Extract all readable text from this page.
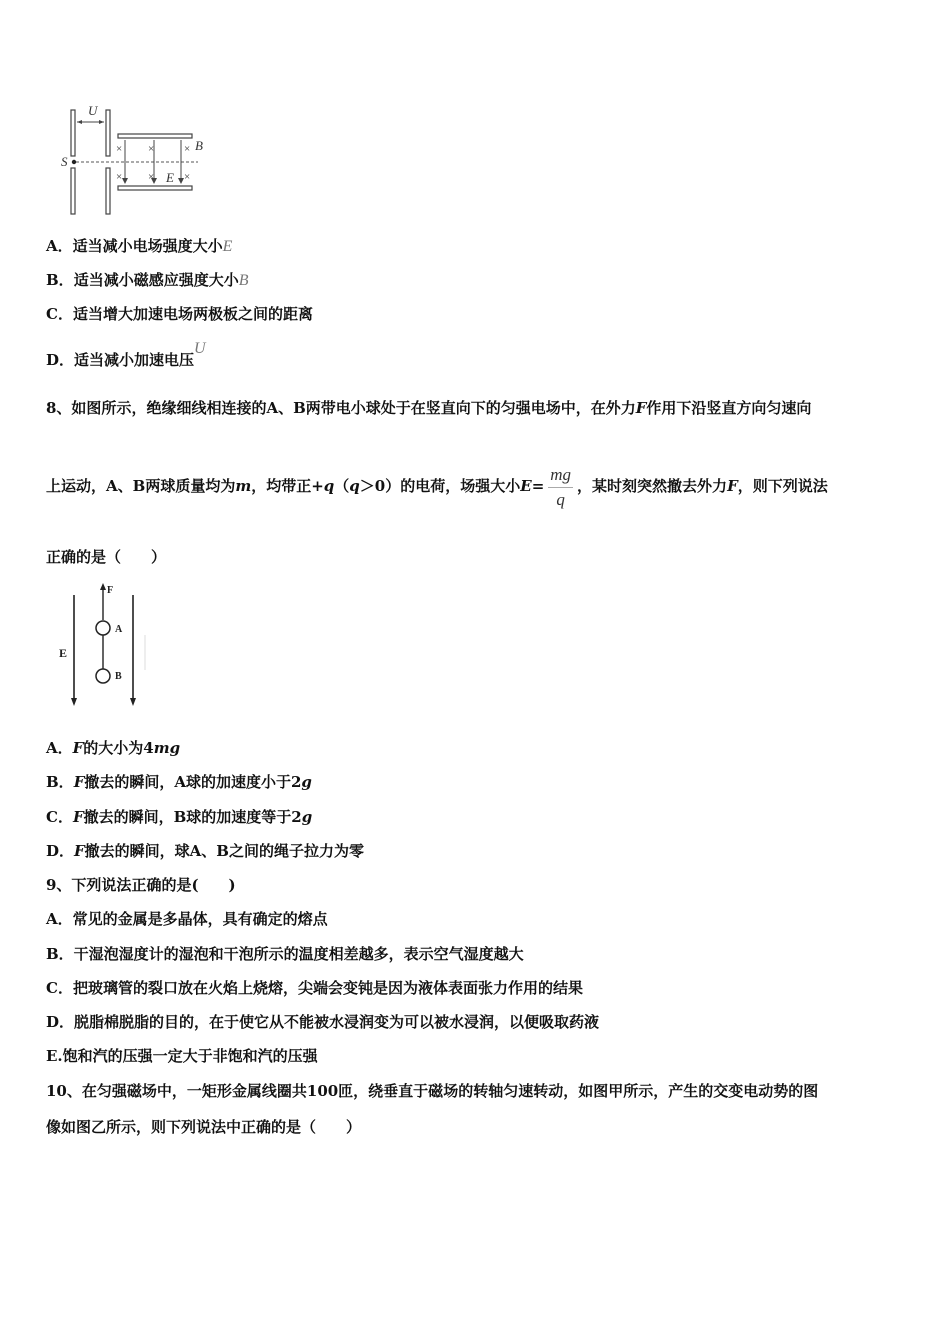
U
S
× ×	×
× ×	×
B
E
A．适当减小电场强度大小E
B．适当减小磁感应强度大小B
C．适当增大加速电场两极板之间的距离
D．适当减小加速电压U
8、如图所示，绝缘细线相连接的A、B两带电小球处于在竖直向下的匀强电场中，在外力F作用下沿竖直方向匀速向
上运动，A、B两球质量均为m，均带正+q（q＞0）的电荷，场强大小$E= \frac{mg}{q}$ ，某时刻突然撤去外力F，则下列说法
正确的是（　　）
E
F
A
B
A．F的大小为4mg
B．F撤去的瞬间，A球的加速度小于2g
C．F撤去的瞬间，B球的加速度等于2g
D．F撤去的瞬间，球A、B之间的绳子拉力为零
9、下列说法正确的是(　　)
A．常见的金属是多晶体，具有确定的熔点
B．干湿泡湿度计的湿泡和干泡所示的温度相差越多，表示空气湿度越大
C．把玻璃管的裂口放在火焰上烧熔，尖端会变钝是因为液体表面张力作用的结果
D．脱脂棉脱脂的目的，在于使它从不能被水浸润变为可以被水浸润，以便吸取药液
E.饱和汽的压强一定大于非饱和汽的压强
10、在匀强磁场中，一矩形金属线圈共100匝，绕垂直于磁场的转轴匀速转动，如图甲所示，产生的交变电动势的图
像如图乙所示，则下列说法中正确的是（　　）
